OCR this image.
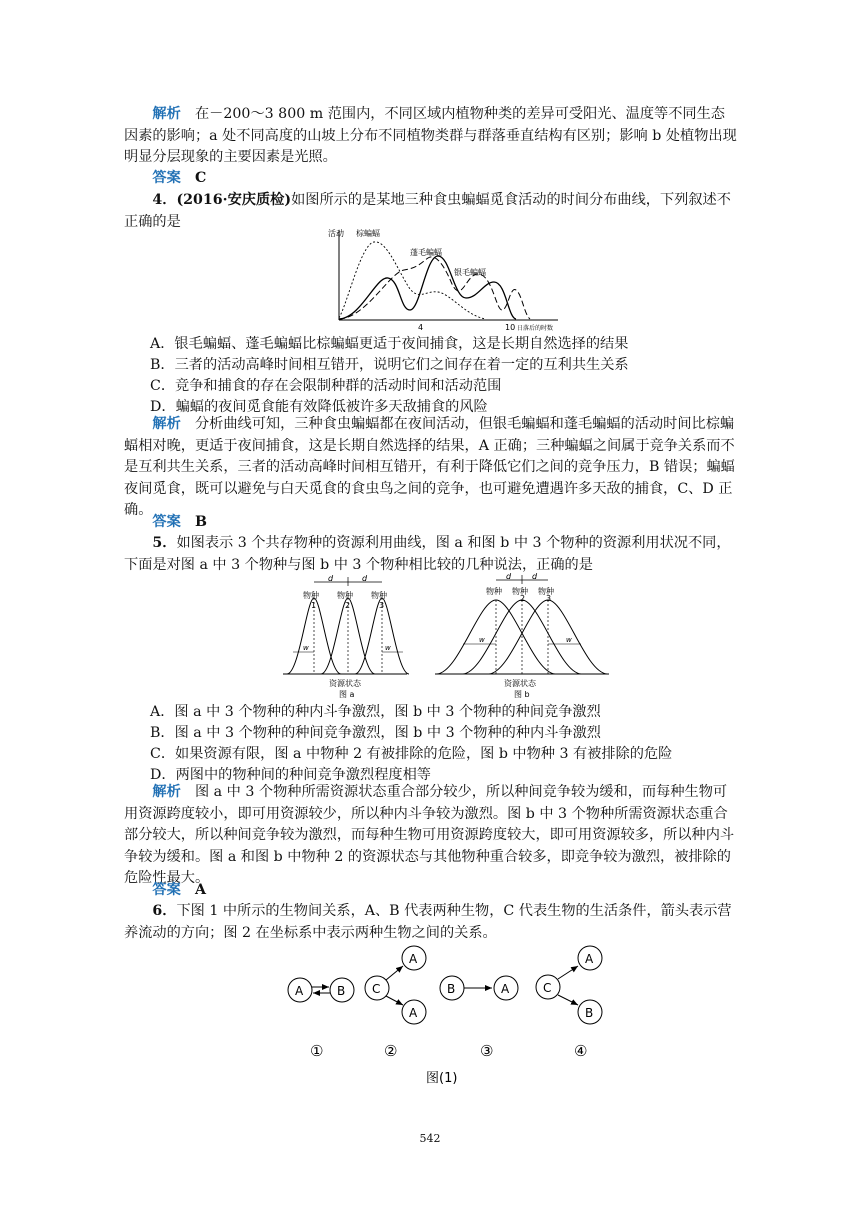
解析　 在－200～3 800 m 范围内，不同区域内植物种类的差异可受阳光、温度等不同生态因素的影响；a 处不同高度的山坡上分布不同植物类群与群落垂直结构有区别；影响 b 处植物出现明显分层现象的主要因素是光照。

答案　 C

4．(2016·安庆质检)如图所示的是某地三种食虫蝙蝠觅食活动的时间分布曲线，下列叙述不正确的是

活动 棕蝙蝠
蓬毛蝙蝠
银毛蝙蝠
4	10 日落后的时数
A．银毛蝙蝠、蓬毛蝙蝠比棕蝙蝠更适于夜间捕食，这是长期自然选择的结果
B．三者的活动高峰时间相互错开，说明它们之间存在着一定的互利共生关系
C．竞争和捕食的存在会限制种群的活动时间和活动范围
D．蝙蝠的夜间觅食能有效降低被许多天敌捕食的风险

解析　 分析曲线可知，三种食虫蝙蝠都在夜间活动，但银毛蝙蝠和蓬毛蝙蝠的活动时间比棕蝙蝠相对晚，更适于夜间捕食，这是长期自然选择的结果，A 正确；三种蝙蝠之间属于竞争关系而不是互利共生关系，三者的活动高峰时间相互错开，有利于降低它们之间的竞争压力，B 错误；蝙蝠夜间觅食，既可以避免与白天觅食的食虫鸟之间的竞争，也可避免遭遇许多天敌的捕食，C、D 正确。

答案　 B

5．如图表示 3 个共存物种的资源利用曲线，图 a 和图 b 中 3 个物种的资源利用状况不同，下面是对图 a 中 3 个物种与图 b 中 3 个物种相比较的几种说法，正确的是

d	d
物种 物种 物种
1	2	3
w	w
资源状态
图 a
d	d
物种 物种 物种
2	3
w	w
资源状态
图 b
A．图 a 中 3 个物种的种内斗争激烈，图 b 中 3 个物种的种间竞争激烈
B．图 a 中 3 个物种的种间竞争激烈，图 b 中 3 个物种的种内斗争激烈
C．如果资源有限，图 a 中物种 2 有被排除的危险，图 b 中物种 3 有被排除的危险
D．两图中的物种间的种间竞争激烈程度相等

解析　 图 a 中 3 个物种所需资源状态重合部分较少，所以种间竞争较为缓和，而每种生物可用资源跨度较小，即可用资源较少，所以种内斗争较为激烈。图 b 中 3 个物种所需资源状态重合部分较大，所以种间竞争较为激烈，而每种生物可用资源跨度较大，即可用资源较多，所以种内斗争较为缓和。图 a 和图 b 中物种 2 的资源状态与其他物种重合较多，即竞争较为激烈，被排除的危险性最大。

答案　 A

6．下图 1 中所示的生物间关系，A、B 代表两种生物，C 代表生物的生活条件，箭头表示营养流动的方向；图 2 在坐标系中表示两种生物之间的关系。

A	B
①
C
A
A
②
B	A
③
C
A
B
④
图(1)
542
